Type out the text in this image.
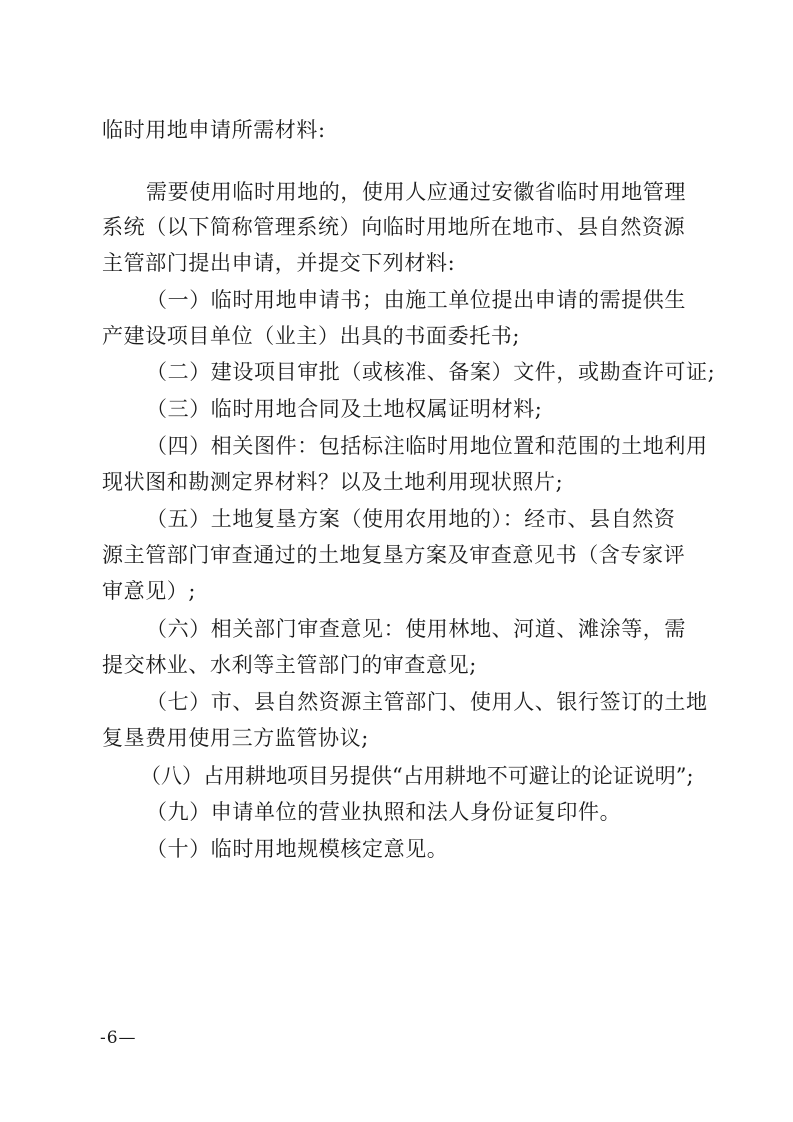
临时用地申请所需材料:
需要使用临时用地的，使用人应通过安徽省临时用地管理
系统（以下简称管理系统）向临时用地所在地市、县自然资源
主管部门提出申请，并提交下列材料:
（一）临时用地申请书；由施工单位提出申请的需提供生
产建设项目单位（业主）出具的书面委托书;
（二）建设项目审批（或核准、备案）文件，或勘查许可证;
（三）临时用地合同及土地权属证明材料;
（四）相关图件：包括标注临时用地位置和范围的土地利用
现状图和勘测定界材料？以及土地利用现状照片;
（五）土地复垦方案（使用农用地的）：经市、县自然资
源主管部门审查通过的土地复垦方案及审查意见书（含专家评
审意见）;
（六）相关部门审查意见：使用林地、河道、滩涂等，需
提交林业、水利等主管部门的审查意见;
（七）市、县自然资源主管部门、使用人、银行签订的土地
复垦费用使用三方监管协议;
（八）占用耕地项目另提供“占用耕地不可避让的论证说明”;
（九）申请单位的营业执照和法人身份证复印件。
（十）临时用地规模核定意见。
-6—
